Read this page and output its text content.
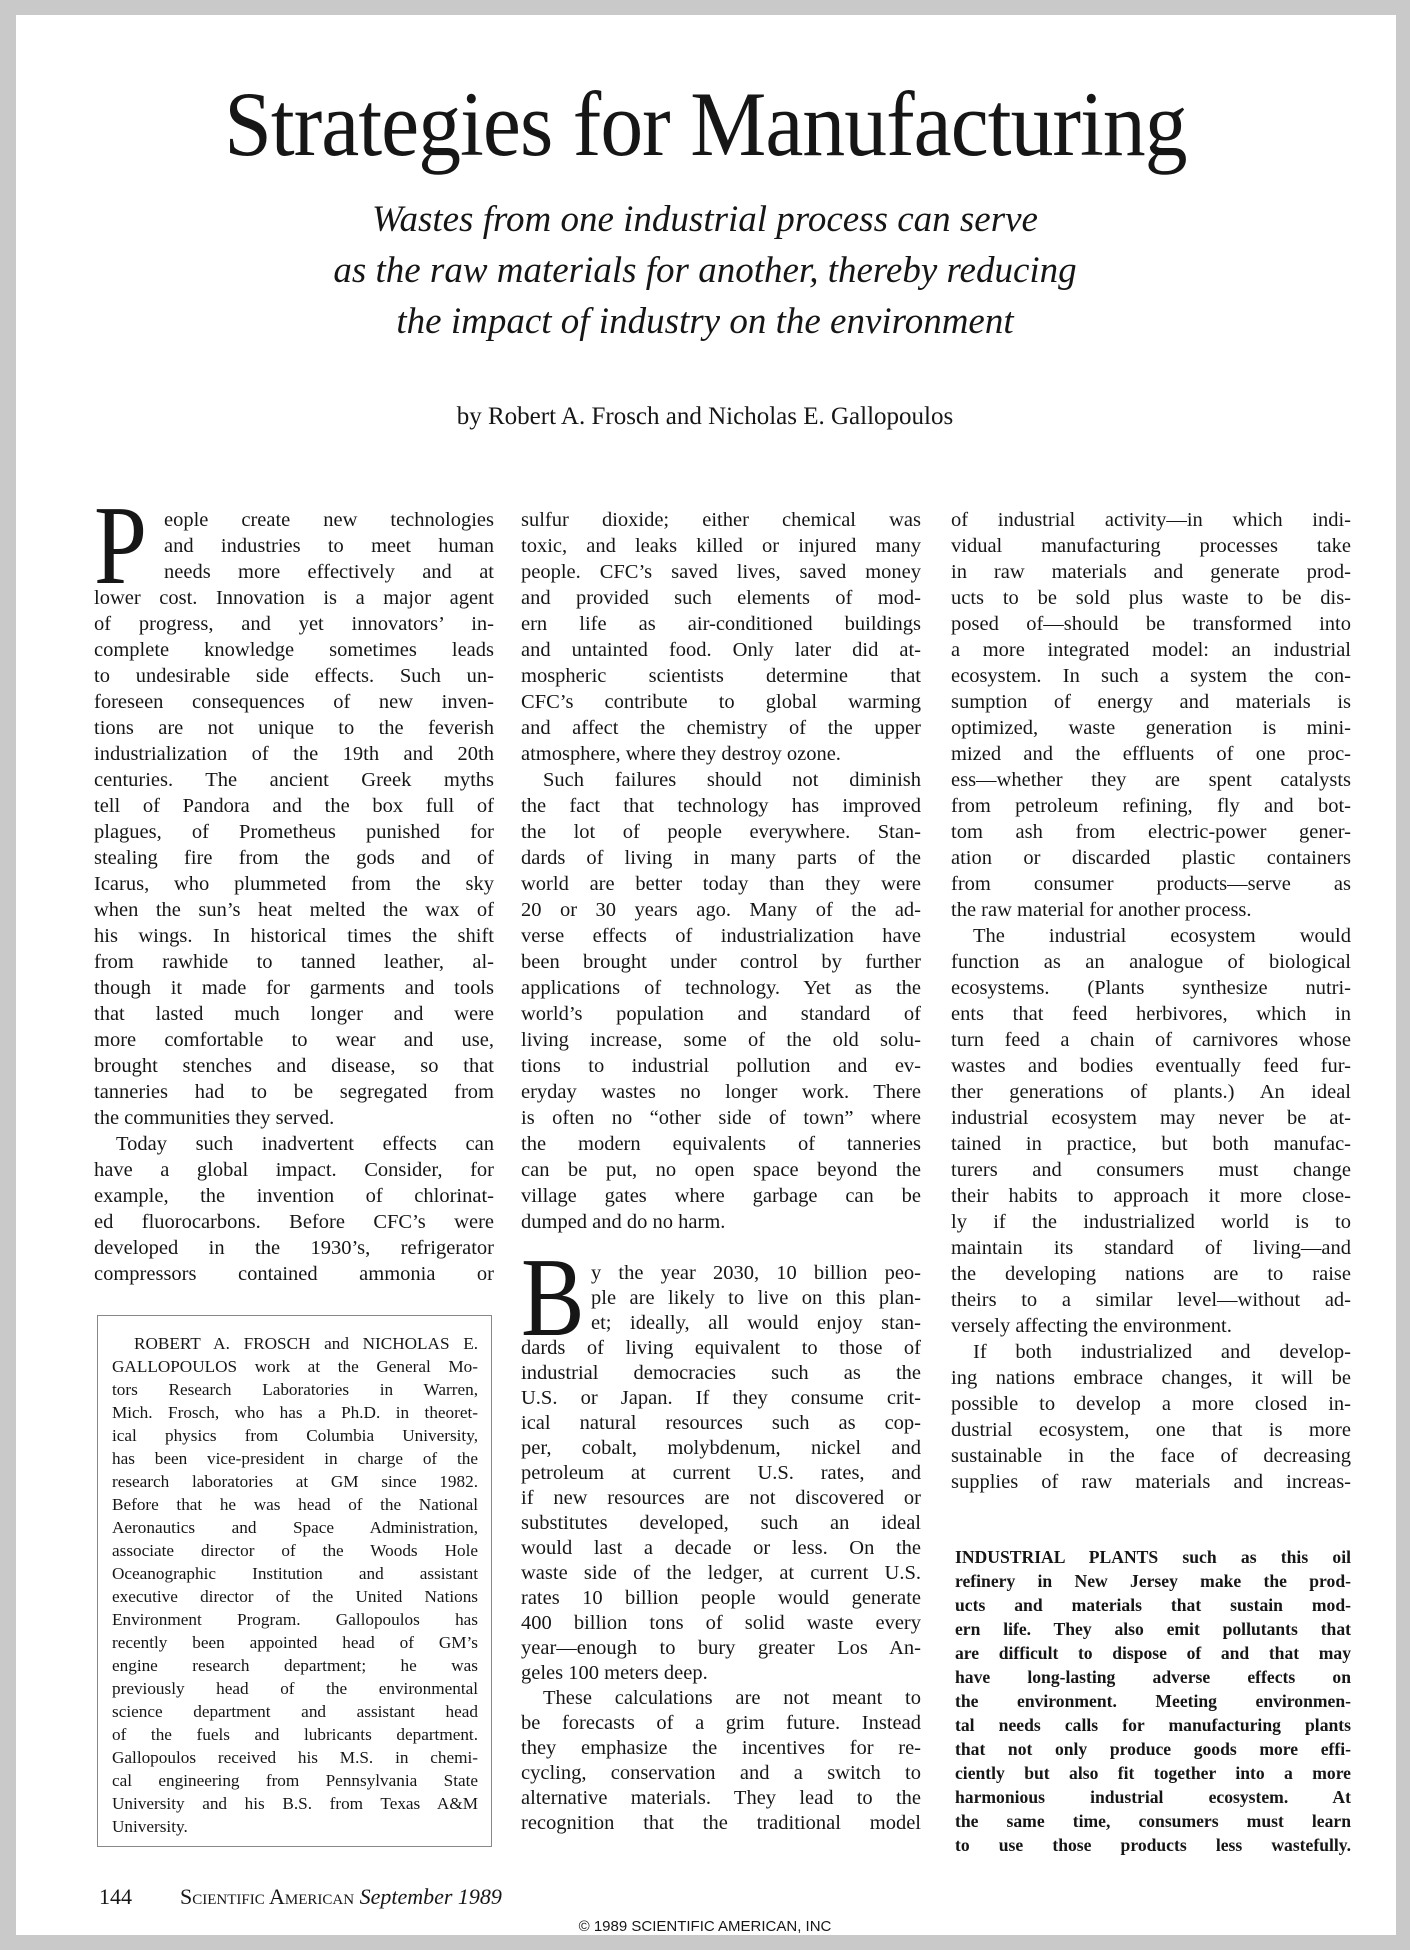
Strategies for Manufacturing
Wastes from one industrial process can serve
as the raw materials for another, thereby reducing
the impact of industry on the environment
by Robert A. Frosch and Nicholas E. Gallopoulos
P eople create new technologies
and industries to meet human
needs more effectively and at
lower cost. Innovation is a major agent
of progress, and yet innovators’ in-
complete knowledge sometimes leads
to undesirable side effects. Such un-
foreseen consequences of new inven-
tions are not unique to the feverish
industrialization of the 19th and 20th
centuries. The ancient Greek myths
tell of Pandora and the box full of
plagues, of Prometheus punished for
stealing fire from the gods and of
Icarus, who plummeted from the sky
when the sun’s heat melted the wax of
his wings. In historical times the shift
from rawhide to tanned leather, al-
though it made for garments and tools
that lasted much longer and were
more comfortable to wear and use,
brought stenches and disease, so that
tanneries had to be segregated from
the communities they served.
Today such inadvertent effects can
have a global impact. Consider, for
example, the invention of chlorinat-
ed fluorocarbons. Before CFC’s were
developed in the 1930’s, refrigerator
compressors contained ammonia or
sulfur dioxide; either chemical was
toxic, and leaks killed or injured many
people. CFC’s saved lives, saved money
and provided such elements of mod-
ern life as air-conditioned buildings
and untainted food. Only later did at-
mospheric scientists determine that
CFC’s contribute to global warming
and affect the chemistry of the upper
atmosphere, where they destroy ozone.
Such failures should not diminish
the fact that technology has improved
the lot of people everywhere. Stan-
dards of living in many parts of the
world are better today than they were
20 or 30 years ago. Many of the ad-
verse effects of industrialization have
been brought under control by further
applications of technology. Yet as the
world’s population and standard of
living increase, some of the old solu-
tions to industrial pollution and ev-
eryday wastes no longer work. There
is often no “other side of town” where
the modern equivalents of tanneries
can be put, no open space beyond the
village gates where garbage can be
dumped and do no harm.
B y the year 2030, 10 billion peo-
ple are likely to live on this plan-
et; ideally, all would enjoy stan-
dards of living equivalent to those of
industrial democracies such as the
U.S. or Japan. If they consume crit-
ical natural resources such as cop-
per, cobalt, molybdenum, nickel and
petroleum at current U.S. rates, and
if new resources are not discovered or
substitutes developed, such an ideal
would last a decade or less. On the
waste side of the ledger, at current U.S.
rates 10 billion people would generate
400 billion tons of solid waste every
year—enough to bury greater Los An-
geles 100 meters deep.
These calculations are not meant to
be forecasts of a grim future. Instead
they emphasize the incentives for re-
cycling, conservation and a switch to
alternative materials. They lead to the
recognition that the traditional model
of industrial activity—in which indi-
vidual manufacturing processes take
in raw materials and generate prod-
ucts to be sold plus waste to be dis-
posed of—should be transformed into
a more integrated model: an industrial
ecosystem. In such a system the con-
sumption of energy and materials is
optimized, waste generation is mini-
mized and the effluents of one proc-
ess—whether they are spent catalysts
from petroleum refining, fly and bot-
tom ash from electric-power gener-
ation or discarded plastic containers
from consumer products—serve as
the raw material for another process.
The industrial ecosystem would
function as an analogue of biological
ecosystems. (Plants synthesize nutri-
ents that feed herbivores, which in
turn feed a chain of carnivores whose
wastes and bodies eventually feed fur-
ther generations of plants.) An ideal
industrial ecosystem may never be at-
tained in practice, but both manufac-
turers and consumers must change
their habits to approach it more close-
ly if the industrialized world is to
maintain its standard of living—and
the developing nations are to raise
theirs to a similar level—without ad-
versely affecting the environment.
If both industrialized and develop-
ing nations embrace changes, it will be
possible to develop a more closed in-
dustrial ecosystem, one that is more
sustainable in the face of decreasing
supplies of raw materials and increas-
ROBERT A. FROSCH and NICHOLAS E.
GALLOPOULOS work at the General Mo-
tors Research Laboratories in Warren,
Mich. Frosch, who has a Ph.D. in theoret-
ical physics from Columbia University,
has been vice-president in charge of the
research laboratories at GM since 1982.
Before that he was head of the National
Aeronautics and Space Administration,
associate director of the Woods Hole
Oceanographic Institution and assistant
executive director of the United Nations
Environment Program. Gallopoulos has
recently been appointed head of GM’s
engine research department; he was
previously head of the environmental
science department and assistant head
of the fuels and lubricants department.
Gallopoulos received his M.S. in chemi-
cal engineering from Pennsylvania State
University and his B.S. from Texas A&M
University.
INDUSTRIAL PLANTS such as this oil
refinery in New Jersey make the prod-
ucts and materials that sustain mod-
ern life. They also emit pollutants that
are difficult to dispose of and that may
have long-lasting adverse effects on
the environment. Meeting environmen-
tal needs calls for manufacturing plants
that not only produce goods more effi-
ciently but also fit together into a more
harmonious industrial ecosystem. At
the same time, consumers must learn
to use those products less wastefully.
144 Scientific American September 1989
© 1989 SCIENTIFIC AMERICAN, INC
